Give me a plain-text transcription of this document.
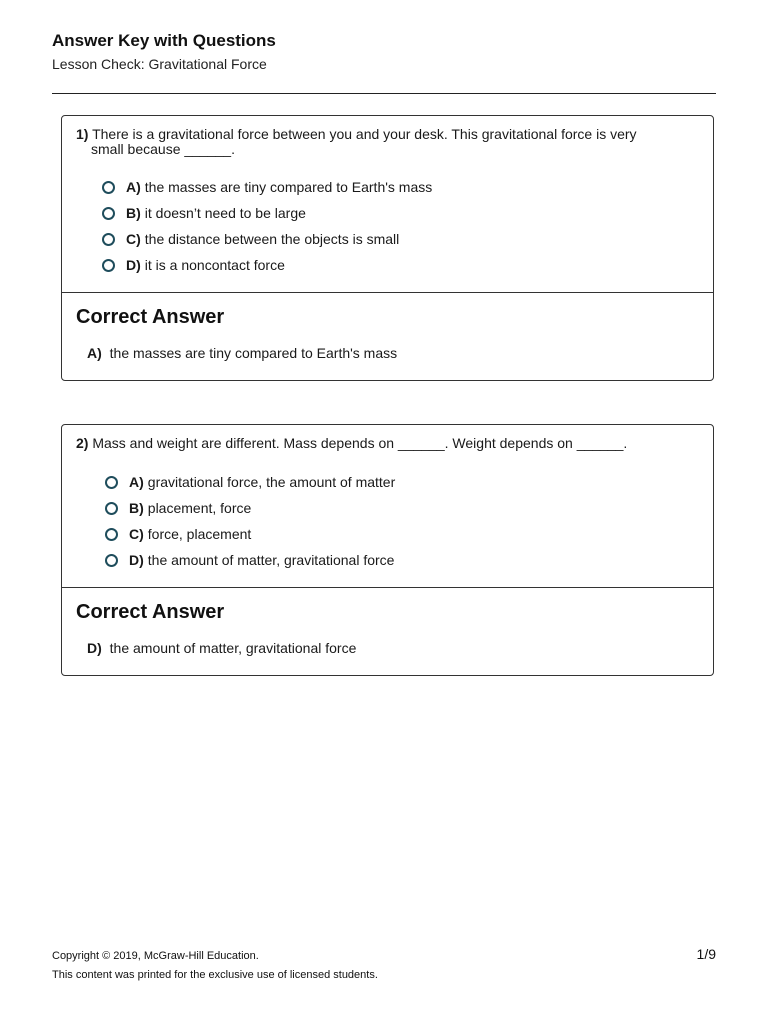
Answer Key with Questions
Lesson Check: Gravitational Force
1) There is a gravitational force between you and your desk. This gravitational force is very
small because ______.
A) the masses are tiny compared to Earth's mass
B) it doesn’t need to be large
C) the distance between the objects is small
D) it is a noncontact force
Correct Answer
A) the masses are tiny compared to Earth's mass
2) Mass and weight are different. Mass depends on ______. Weight depends on ______.
A) gravitational force, the amount of matter
B) placement, force
C) force, placement
D) the amount of matter, gravitational force
Correct Answer
D) the amount of matter, gravitational force
Copyright © 2019, McGraw-Hill Education.
This content was printed for the exclusive use of licensed students.
1/9
